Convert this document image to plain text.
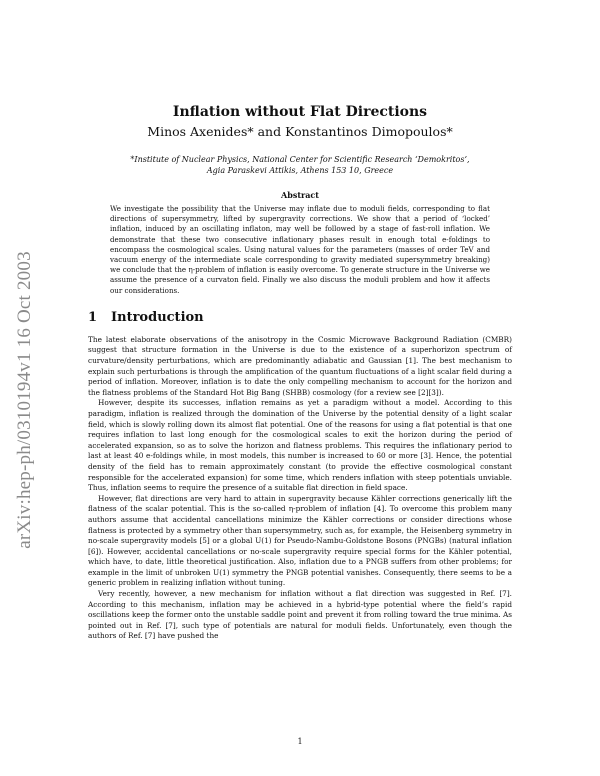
arXiv:hep-ph/0310194v1 16 Oct 2003
Inflation without Flat Directions
Minos Axenides* and Konstantinos Dimopoulos*
*Institute of Nuclear Physics, National Center for Scientific Research ‘Demokritos’,
Agia Paraskevi Attikis, Athens 153 10, Greece
Abstract

We investigate the possibility that the Universe may inflate due to moduli fields, corresponding to flat directions of supersymmetry, lifted by supergravity corrections. We show that a period of ‘locked’ inflation, induced by an oscillating inflaton, may well be followed by a stage of fast-roll inflation. We demonstrate that these two consecutive inflationary phases result in enough total e-foldings to encompass the cosmological scales. Using natural values for the parameters (masses of order TeV and vacuum energy of the intermediate scale corresponding to gravity mediated supersymmetry breaking) we conclude that the η-problem of inflation is easily overcome. To generate structure in the Universe we assume the presence of a curvaton field. Finally we also discuss the moduli problem and how it affects our considerations.

1 Introduction

The latest elaborate observations of the anisotropy in the Cosmic Microwave Background Radiation (CMBR) suggest that structure formation in the Universe is due to the existence of a superhorizon spectrum of curvature/density perturbations, which are predominantly adiabatic and Gaussian [1]. The best mechanism to explain such perturbations is through the amplification of the quantum fluctuations of a light scalar field during a period of inflation. Moreover, inflation is to date the only compelling mechanism to account for the horizon and the flatness problems of the Standard Hot Big Bang (SHBB) cosmology (for a review see [2][3]).

However, despite its successes, inflation remains as yet a paradigm without a model. According to this paradigm, inflation is realized through the domination of the Universe by the potential density of a light scalar field, which is slowly rolling down its almost flat potential. One of the reasons for using a flat potential is that one requires inflation to last long enough for the cosmological scales to exit the horizon during the period of accelerated expansion, so as to solve the horizon and flatness problems. This requires the inflationary period to last at least 40 e-foldings while, in most models, this number is increased to 60 or more [3]. Hence, the potential density of the field has to remain approximately constant (to provide the effective cosmological constant responsible for the accelerated expansion) for some time, which renders inflation with steep potentials unviable. Thus, inflation seems to require the presence of a suitable flat direction in field space.

However, flat directions are very hard to attain in supergravity because Kähler corrections generically lift the flatness of the scalar potential. This is the so-called η-problem of inflation [4]. To overcome this problem many authors assume that accidental cancellations minimize the Kähler corrections or consider directions whose flatness is protected by a symmetry other than supersymmetry, such as, for example, the Heisenberg symmetry in no-scale supergravity models [5] or a global U(1) for Pseudo-Nambu-Goldstone Bosons (PNGBs) (natural inflation [6]). However, accidental cancellations or no-scale supergravity require special forms for the Kähler potential, which have, to date, little theoretical justification. Also, inflation due to a PNGB suffers from other problems; for example in the limit of unbroken U(1) symmetry the PNGB potential vanishes. Consequently, there seems to be a generic problem in realizing inflation without tuning.

Very recently, however, a new mechanism for inflation without a flat direction was suggested in Ref. [7]. According to this mechanism, inflation may be achieved in a hybrid-type potential where the field’s rapid oscillations keep the former onto the unstable saddle point and prevent it from rolling toward the true minima. As pointed out in Ref. [7], such type of potentials are natural for moduli fields. Unfortunately, even though the authors of Ref. [7] have pushed the

1
